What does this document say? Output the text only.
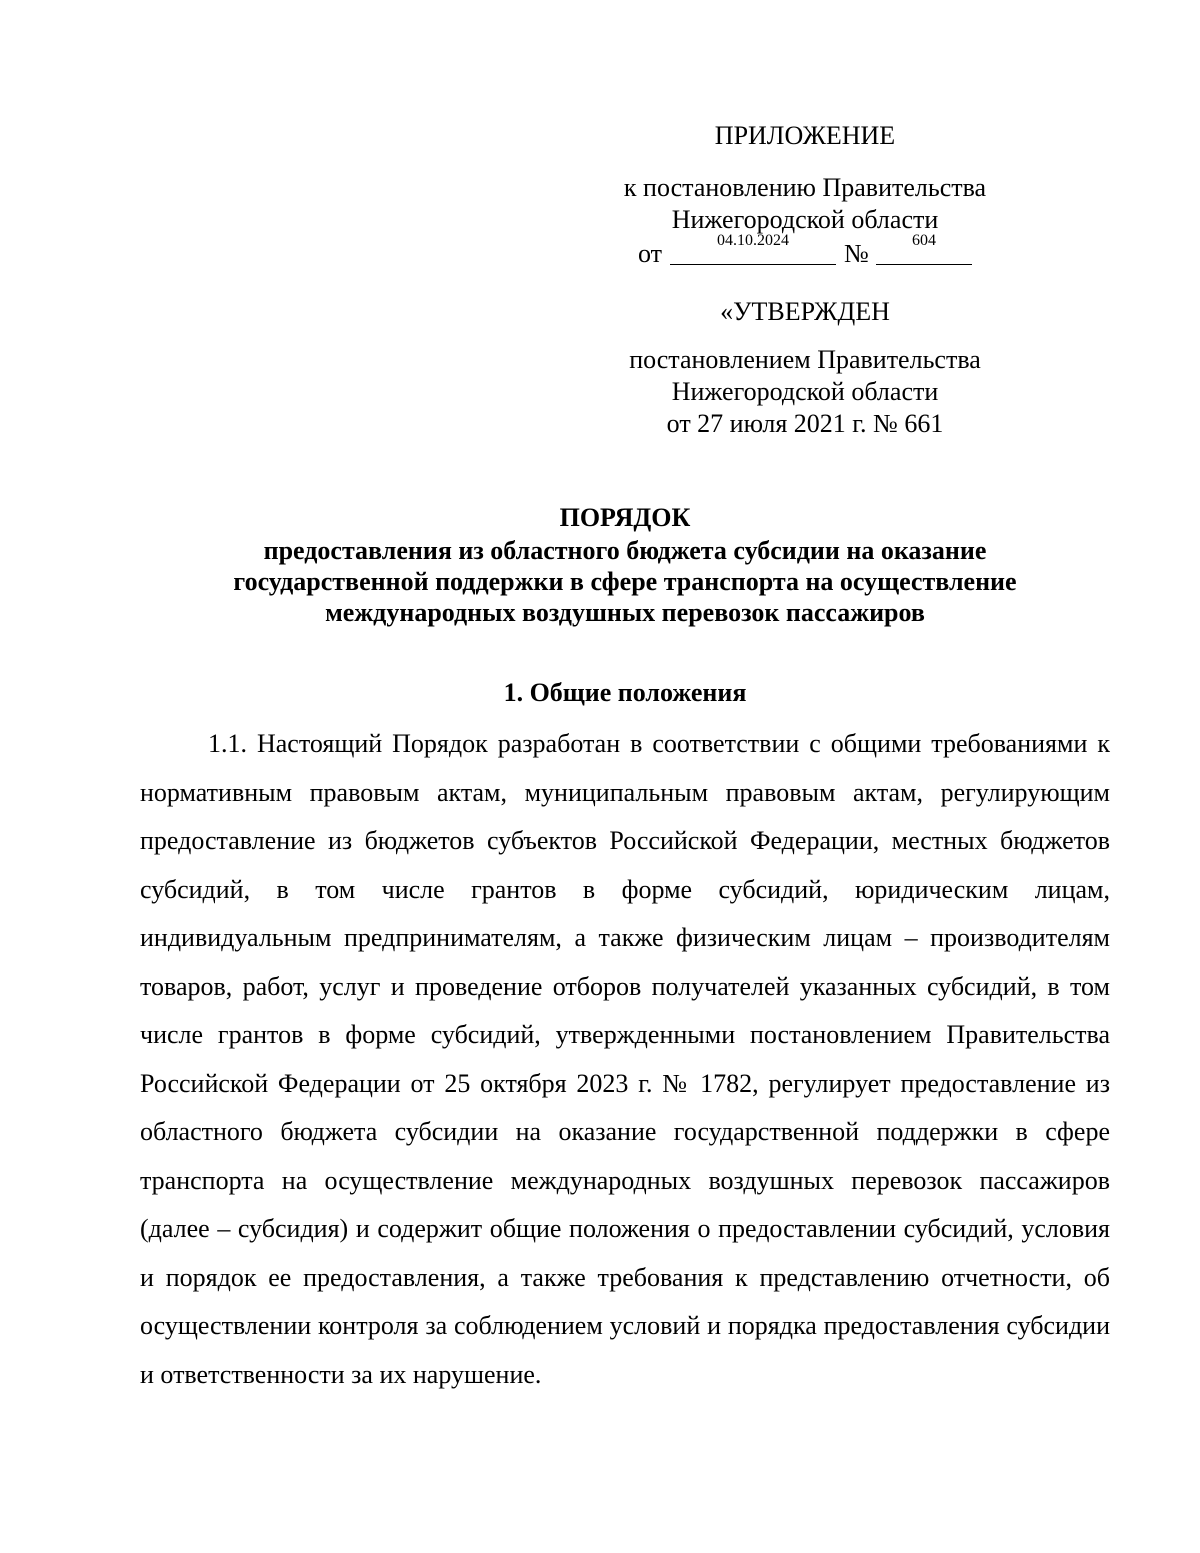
ПРИЛОЖЕНИЕ
к постановлению Правительства
Нижегородской области
от	04.10.2024	№	604
«УТВЕРЖДЕН
постановлением Правительства
Нижегородской области
от 27 июля 2021 г. № 661
ПОРЯДОК
предоставления из областного бюджета субсидии на оказание
государственной поддержки в сфере транспорта на осуществление
международных воздушных перевозок пассажиров
1. Общие положения

1.1. Настоящий Порядок разработан в соответствии с общими требованиями к нормативным правовым актам, муниципальным правовым актам, регулирующим предоставление из бюджетов субъектов Российской Федерации, местных бюджетов субсидий, в том числе грантов в форме субсидий, юридическим лицам, индивидуальным предпринимателям, а также физическим лицам – производителям товаров, работ, услуг и проведение отборов получателей указанных субсидий, в том числе грантов в форме субсидий, утвержденными постановлением Правительства Российской Федерации от 25 октября 2023 г. № 1782, регулирует предоставление из областного бюджета субсидии на оказание государственной поддержки в сфере транспорта на осуществление международных воздушных перевозок пассажиров (далее – субсидия) и содержит общие положения о предоставлении субсидий, условия и порядок ее предоставления, а также требования к представлению отчетности, об осуществлении контроля за соблюдением условий и порядка предоставления субсидии и ответственности за их нарушение.
